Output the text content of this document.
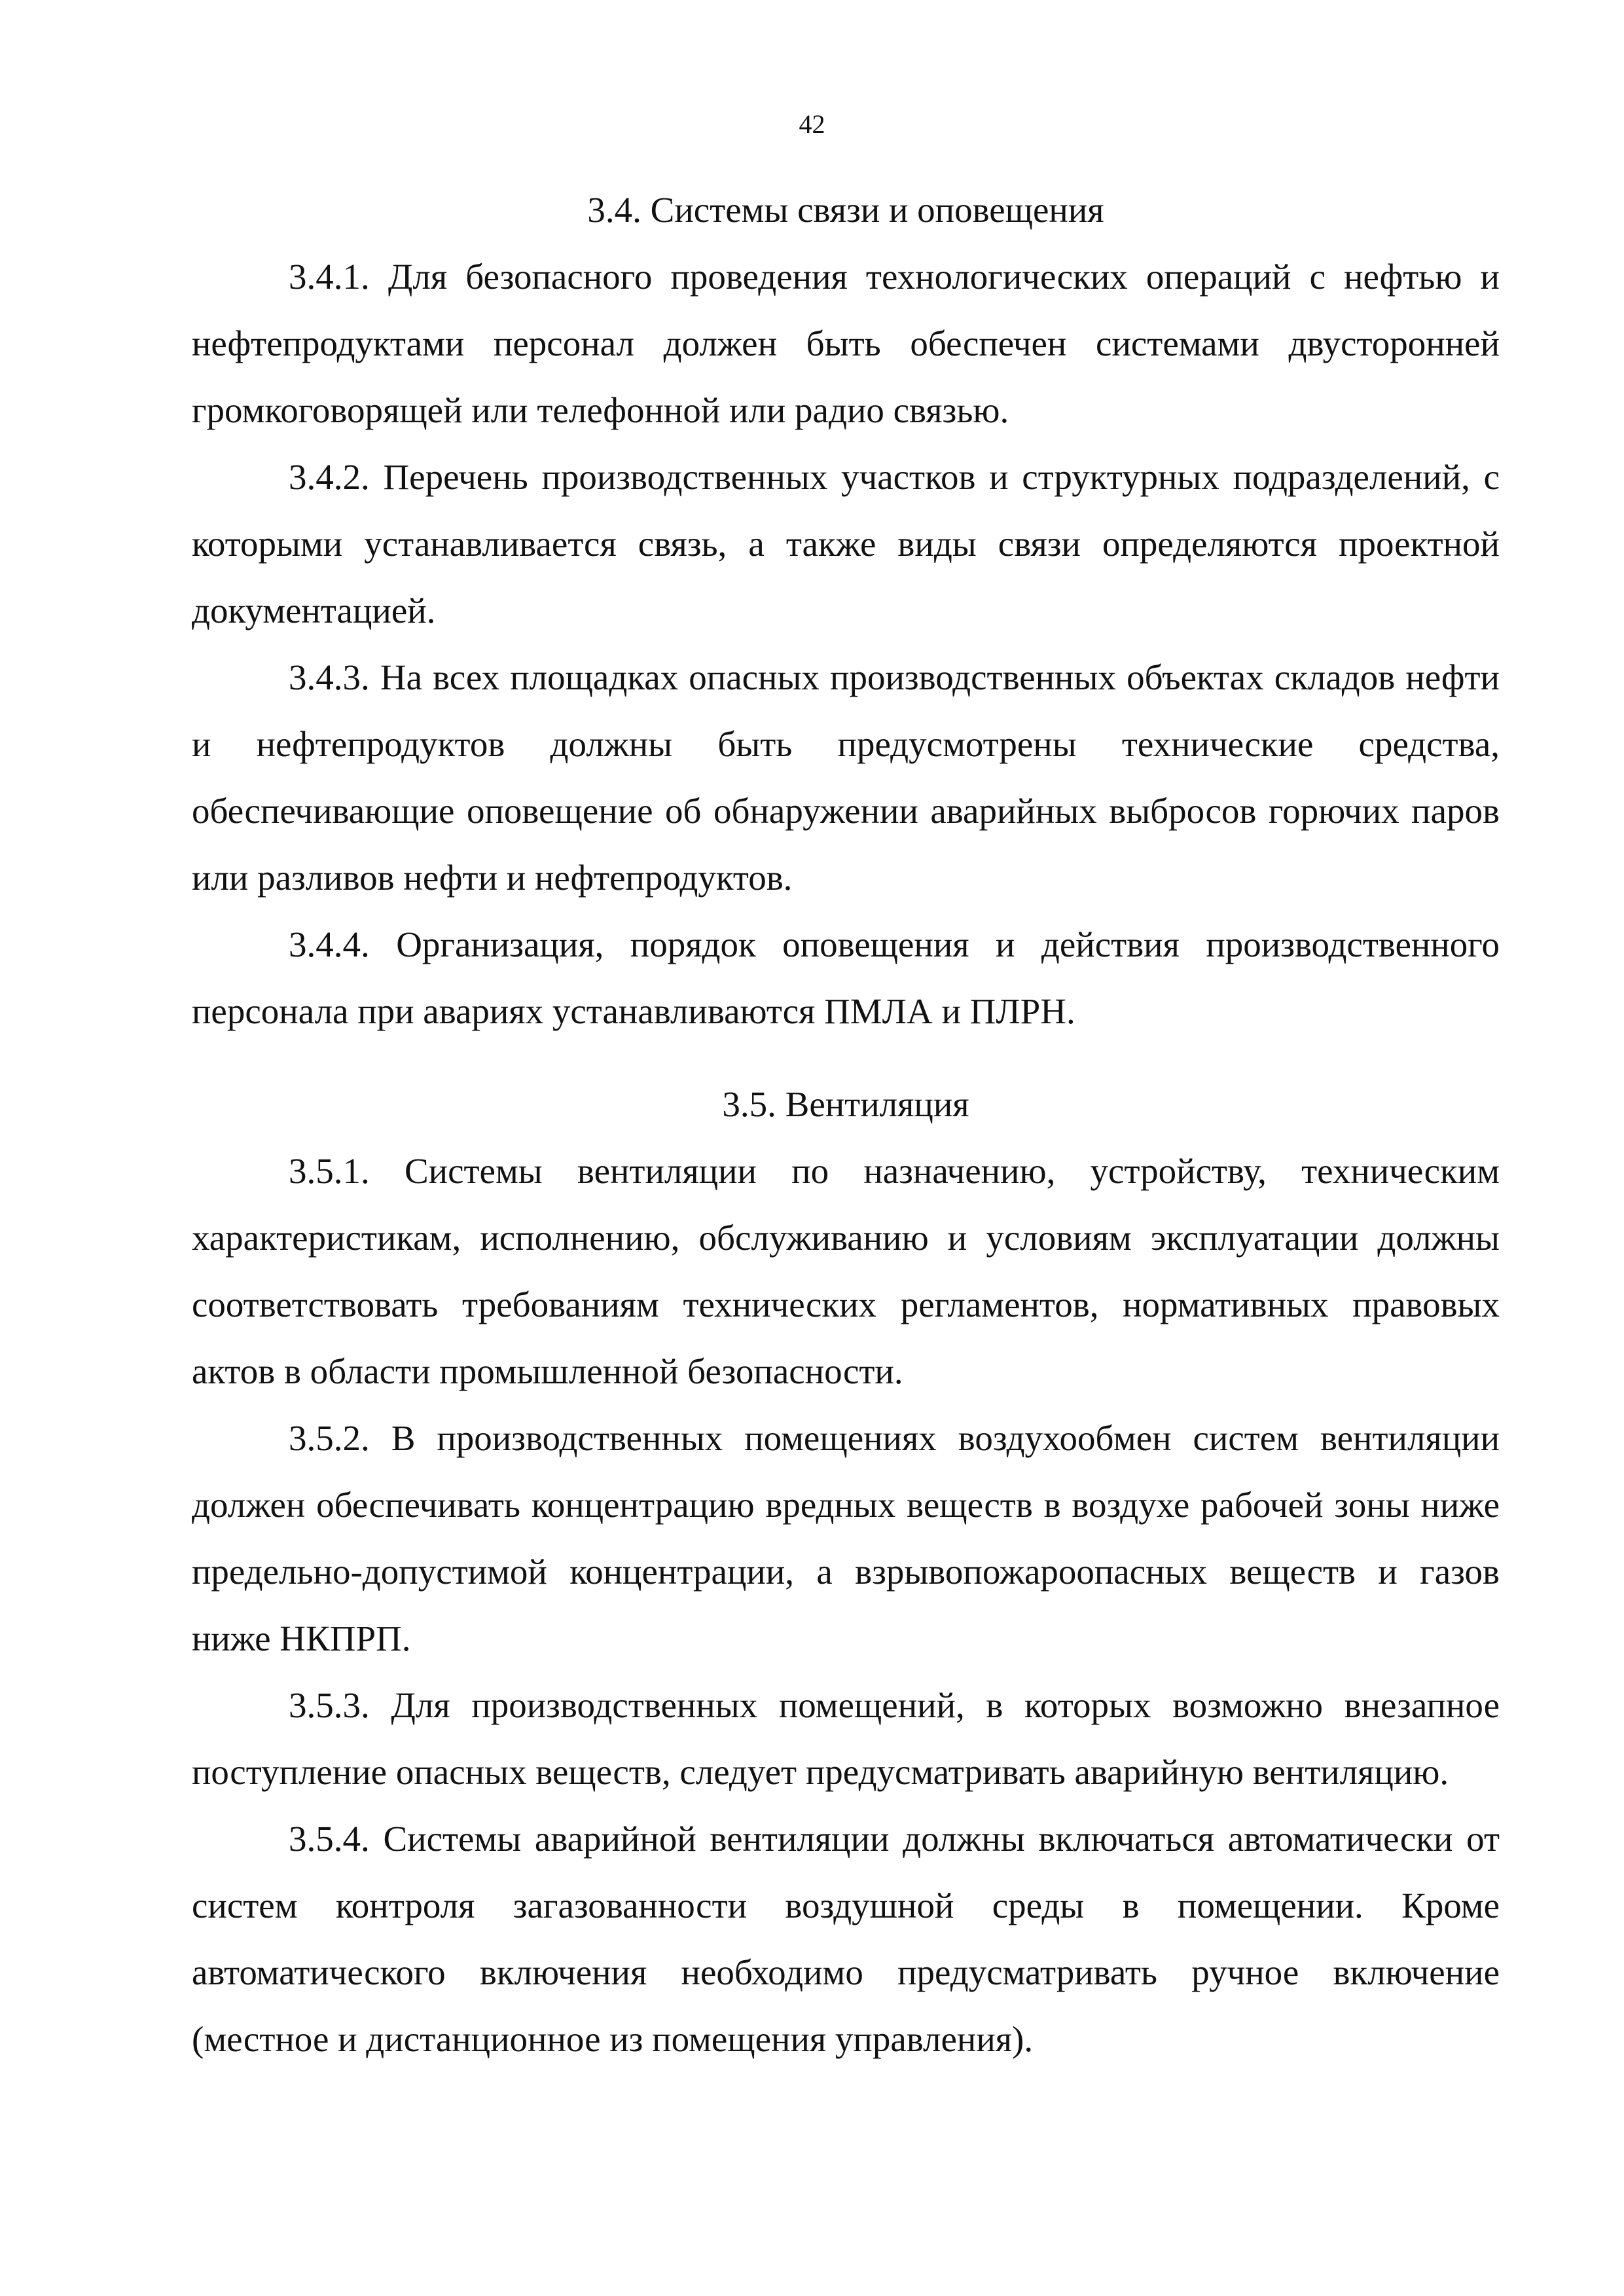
42
3.4. Системы связи и оповещения

3.4.1. Для безопасного проведения технологических операций с нефтью и нефтепродуктами персонал должен быть обеспечен системами двусторонней громкоговорящей или телефонной или радио связью.

3.4.2. Перечень производственных участков и структурных подразделений, с которыми устанавливается связь, а также виды связи определяются проектной документацией.

3.4.3. На всех площадках опасных производственных объектах складов нефти и нефтепродуктов должны быть предусмотрены технические средства, обеспечивающие оповещение об обнаружении аварийных выбросов горючих паров или разливов нефти и нефтепродуктов.

3.4.4. Организация, порядок оповещения и действия производственного персонала при авариях устанавливаются ПМЛА и ПЛРН.

3.5. Вентиляция

3.5.1. Системы вентиляции по назначению, устройству, техническим характеристикам, исполнению, обслуживанию и условиям эксплуатации должны соответствовать требованиям технических регламентов, нормативных правовых актов в области промышленной безопасности.

3.5.2. В производственных помещениях воздухообмен систем вентиляции должен обеспечивать концентрацию вредных веществ в воздухе рабочей зоны ниже предельно-допустимой концентрации, а взрывопожароопасных веществ и газов ниже НКПРП.

3.5.3. Для производственных помещений, в которых возможно внезапное поступление опасных веществ, следует предусматривать аварийную вентиляцию.

3.5.4. Системы аварийной вентиляции должны включаться автоматически от систем контроля загазованности воздушной среды в помещении. Кроме автоматического включения необходимо предусматривать ручное включение (местное и дистанционное из помещения управления).
